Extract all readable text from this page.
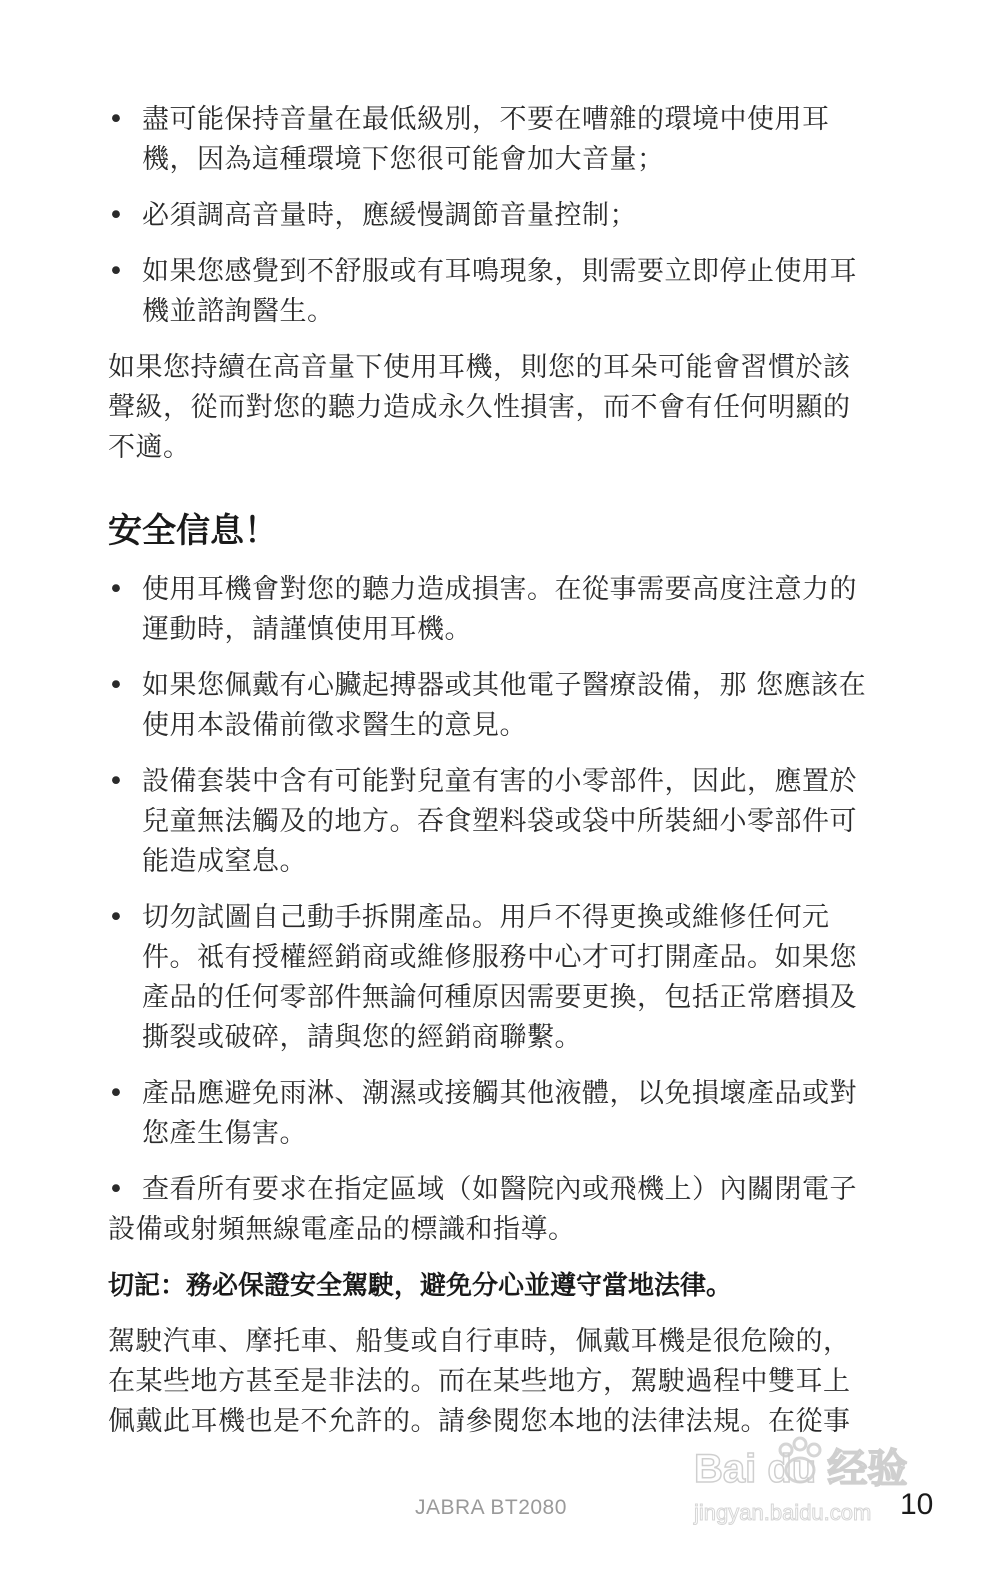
• 盡可能保持音量在最低級別，不要在嘈雜的環境中使用耳機，因為這種環境下您很可能會加大音量；
• 必須調高音量時，應緩慢調節音量控制；
• 如果您感覺到不舒服或有耳鳴現象，則需要立即停止使用耳機並諮詢醫生。

如果您持續在高音量下使用耳機，則您的耳朵可能會習慣於該聲級，從而對您的聽力造成永久性損害，而不會有任何明顯的不適。

安全信息！
• 使用耳機會對您的聽力造成損害。在從事需要高度注意力的運動時，請謹慎使用耳機。
• 如果您佩戴有心臟起搏器或其他電子醫療設備，那 您應該在使用本設備前徵求醫生的意見。
• 設備套裝中含有可能對兒童有害的小零部件，因此，應置於兒童無法觸及的地方。吞食塑料袋或袋中所裝細小零部件可能造成窒息。
• 切勿試圖自己動手拆開產品。用戶不得更換或維修任何元件。祗有授權經銷商或維修服務中心才可打開產品。如果您產品的任何零部件無論何種原因需要更換，包括正常磨損及撕裂或破碎，請與您的經銷商聯繫。
• 產品應避免雨淋、潮濕或接觸其他液體，以免損壞產品或對您產生傷害。
• 查看所有要求在指定區域（如醫院內或飛機上）內關閉電子設備或射頻無線電產品的標識和指導。
切記：務必保證安全駕駛，避免分心並遵守當地法律。

駕駛汽車、摩托車、船隻或自行車時，佩戴耳機是很危險的，在某些地方甚至是非法的。而在某些地方，駕駛過程中雙耳上佩戴此耳機也是不允許的。請參閱您本地的法律法規。在從事

Bai du 经验
jingyan.baidu.com
JABRA BT2080	10
